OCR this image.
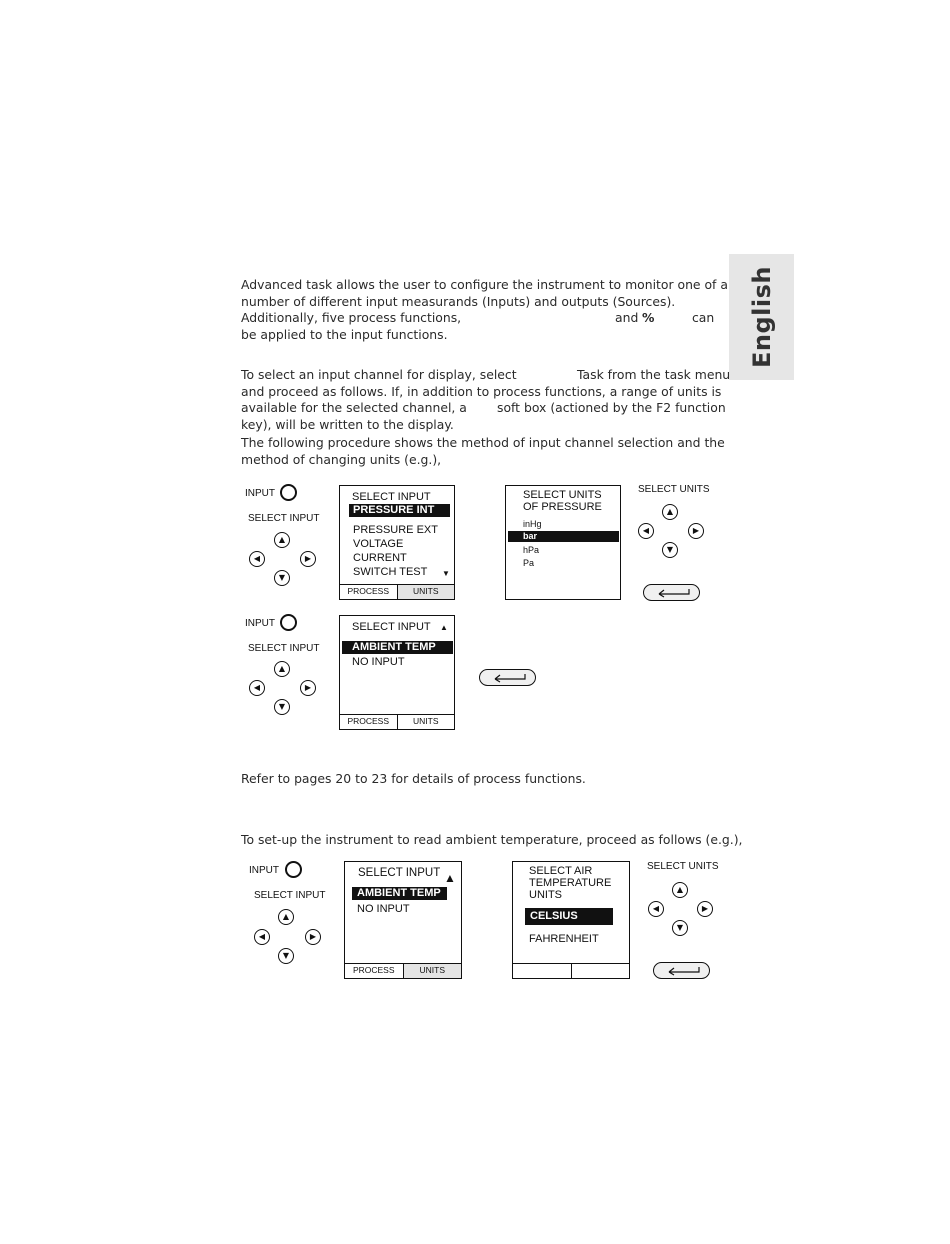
English
Advanced task allows the user to configure the instrument to monitor one of a
number of different input measurands (Inputs) and outputs (Sources).
Additionally, five process functions,	and %	can
be applied to the input functions.
To select an input channel for display, select	Task from the task menu
and proceed as follows. If, in addition to process functions, a range of units is
available for the selected channel, a soft box (actioned by the F2 function
key), will be written to the display.
The following procedure shows the method of input channel selection and the
method of changing units (e.g.),
INPUT
SELECT INPUT
▲
◀	▶
▼
SELECT INPUT
PRESSURE INT
PRESSURE EXT
VOLTAGE
CURRENT
SWITCH TEST ▼
PROCESS	UNITS
SELECT UNITS
OF PRESSURE
inHg
bar
hPa
Pa
SELECT UNITS
▲
◀	▶
▼
INPUT
SELECT INPUT
▲
◀	▶
▼
SELECT INPUT ▲
AMBIENT TEMP
NO INPUT
PROCESS	UNITS
Refer to pages 20 to 23 for details of process functions.
To set-up the instrument to read ambient temperature, proceed as follows (e.g.),
INPUT
SELECT INPUT
▲
◀	▶
▼
SELECT INPUT ▲
AMBIENT TEMP
NO INPUT
PROCESS	UNITS
SELECT AIR
TEMPERATURE
UNITS
CELSIUS
FAHRENHEIT
SELECT UNITS
▲
◀	▶
▼
